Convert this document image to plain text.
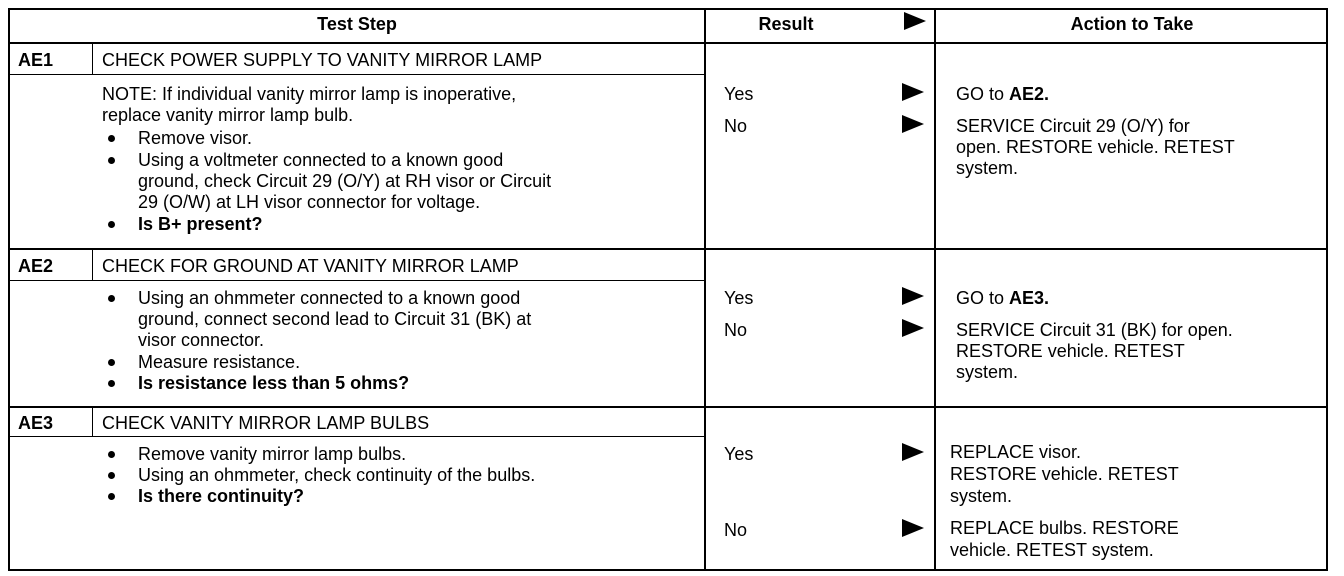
Test Step	Result	Action to Take
AE1	CHECK POWER SUPPLY TO VANITY MIRROR LAMP
NOTE: If individual vanity mirror lamp is inoperative,
replace vanity mirror lamp bulb.
Remove visor.
Using a voltmeter connected to a known good
ground, check Circuit 29 (O/Y) at RH visor or Circuit
29 (O/W) at LH visor connector for voltage.
Is B+ present?
Yes	GO to AE2.
No	SERVICE Circuit 29 (O/Y) for
open. RESTORE vehicle. RETEST
system.
AE2	CHECK FOR GROUND AT VANITY MIRROR LAMP
Using an ohmmeter connected to a known good
ground, connect second lead to Circuit 31 (BK) at
visor connector.
Measure resistance.
Is resistance less than 5 ohms?
Yes	GO to AE3.
No	SERVICE Circuit 31 (BK) for open.
RESTORE vehicle. RETEST
system.
AE3	CHECK VANITY MIRROR LAMP BULBS
Remove vanity mirror lamp bulbs.
Using an ohmmeter, check continuity of the bulbs.
Is there continuity?
Yes	REPLACE visor.
RESTORE vehicle. RETEST
system.
No	REPLACE bulbs. RESTORE
vehicle. RETEST system.
